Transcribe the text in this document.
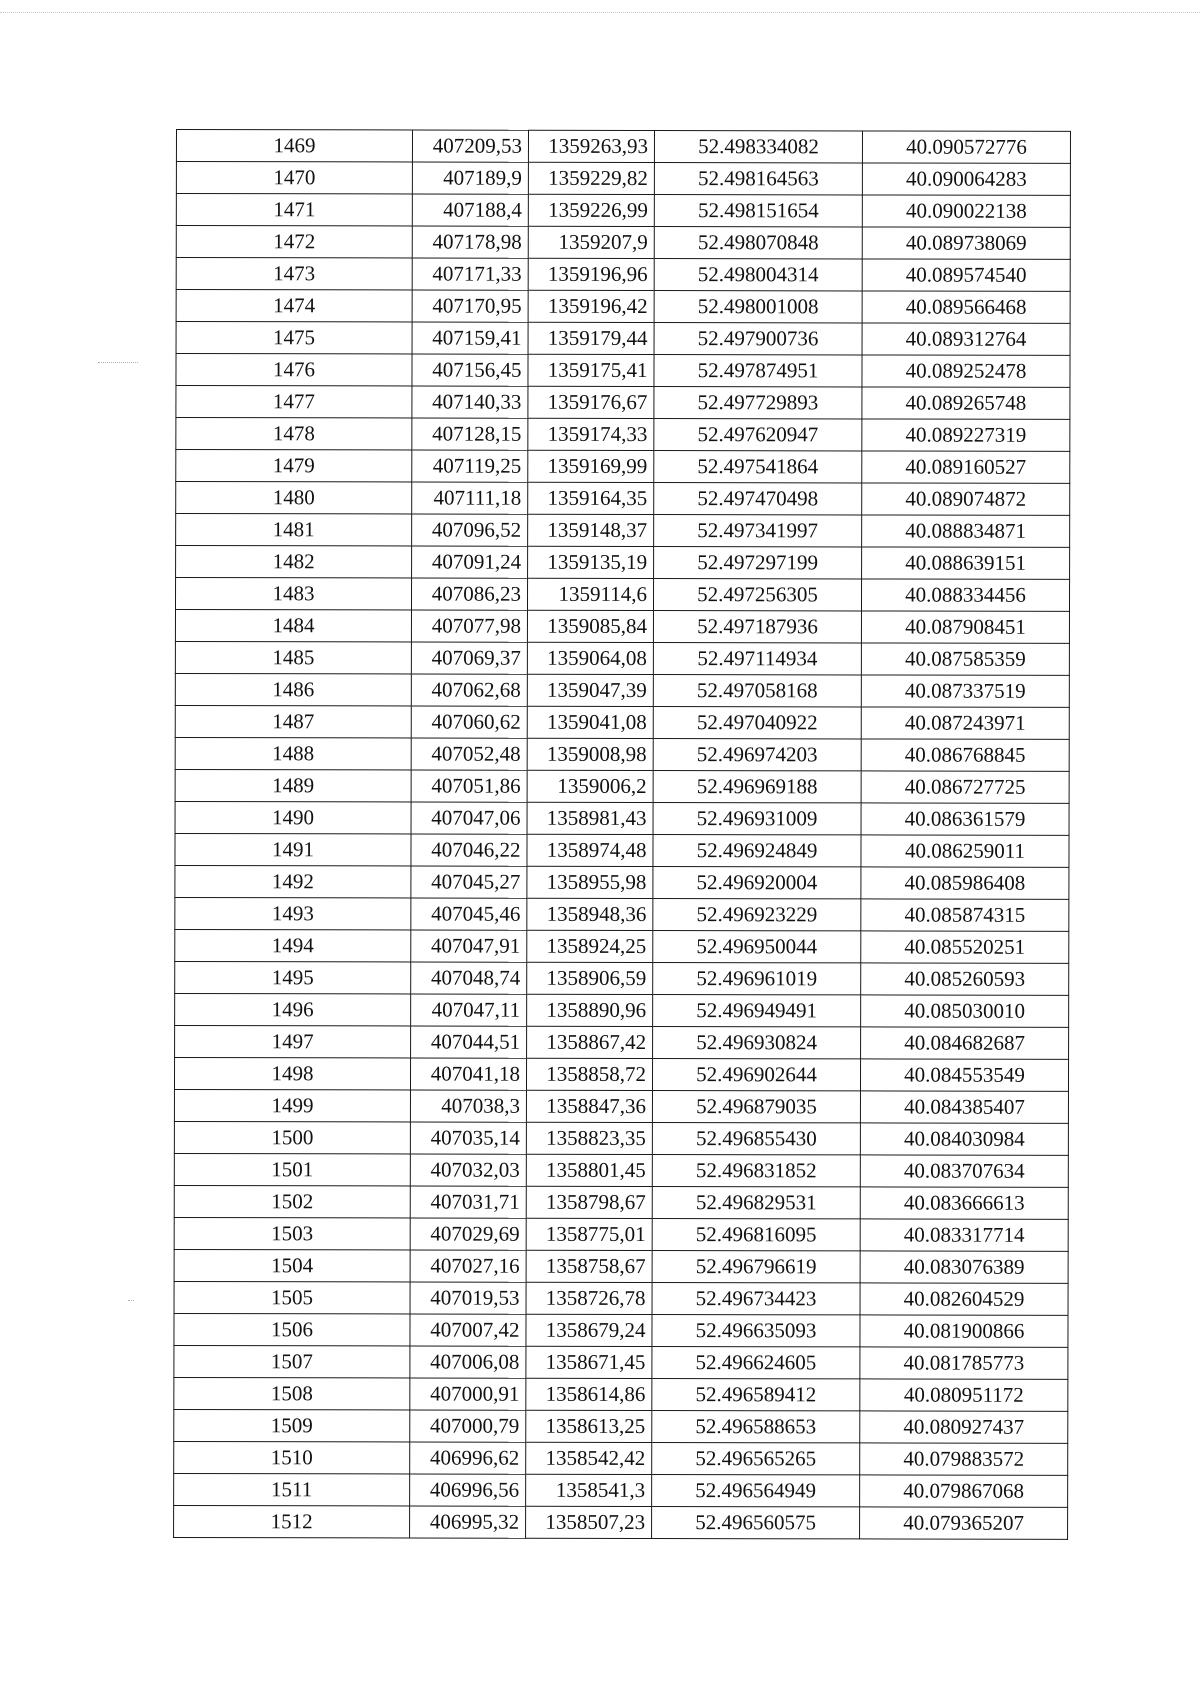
1469	407209,53	1359263,93	52.498334082	40.090572776
1470	407189,9	1359229,82	52.498164563	40.090064283
1471	407188,4	1359226,99	52.498151654	40.090022138
1472	407178,98	1359207,9	52.498070848	40.089738069
1473	407171,33	1359196,96	52.498004314	40.089574540
1474	407170,95	1359196,42	52.498001008	40.089566468
1475	407159,41	1359179,44	52.497900736	40.089312764
1476	407156,45	1359175,41	52.497874951	40.089252478
1477	407140,33	1359176,67	52.497729893	40.089265748
1478	407128,15	1359174,33	52.497620947	40.089227319
1479	407119,25	1359169,99	52.497541864	40.089160527
1480	407111,18	1359164,35	52.497470498	40.089074872
1481	407096,52	1359148,37	52.497341997	40.088834871
1482	407091,24	1359135,19	52.497297199	40.088639151
1483	407086,23	1359114,6	52.497256305	40.088334456
1484	407077,98	1359085,84	52.497187936	40.087908451
1485	407069,37	1359064,08	52.497114934	40.087585359
1486	407062,68	1359047,39	52.497058168	40.087337519
1487	407060,62	1359041,08	52.497040922	40.087243971
1488	407052,48	1359008,98	52.496974203	40.086768845
1489	407051,86	1359006,2	52.496969188	40.086727725
1490	407047,06	1358981,43	52.496931009	40.086361579
1491	407046,22	1358974,48	52.496924849	40.086259011
1492	407045,27	1358955,98	52.496920004	40.085986408
1493	407045,46	1358948,36	52.496923229	40.085874315
1494	407047,91	1358924,25	52.496950044	40.085520251
1495	407048,74	1358906,59	52.496961019	40.085260593
1496	407047,11	1358890,96	52.496949491	40.085030010
1497	407044,51	1358867,42	52.496930824	40.084682687
1498	407041,18	1358858,72	52.496902644	40.084553549
1499	407038,3	1358847,36	52.496879035	40.084385407
1500	407035,14	1358823,35	52.496855430	40.084030984
1501	407032,03	1358801,45	52.496831852	40.083707634
1502	407031,71	1358798,67	52.496829531	40.083666613
1503	407029,69	1358775,01	52.496816095	40.083317714
1504	407027,16	1358758,67	52.496796619	40.083076389
1505	407019,53	1358726,78	52.496734423	40.082604529
1506	407007,42	1358679,24	52.496635093	40.081900866
1507	407006,08	1358671,45	52.496624605	40.081785773
1508	407000,91	1358614,86	52.496589412	40.080951172
1509	407000,79	1358613,25	52.496588653	40.080927437
1510	406996,62	1358542,42	52.496565265	40.079883572
1511	406996,56	1358541,3	52.496564949	40.079867068
1512	406995,32	1358507,23	52.496560575	40.079365207
